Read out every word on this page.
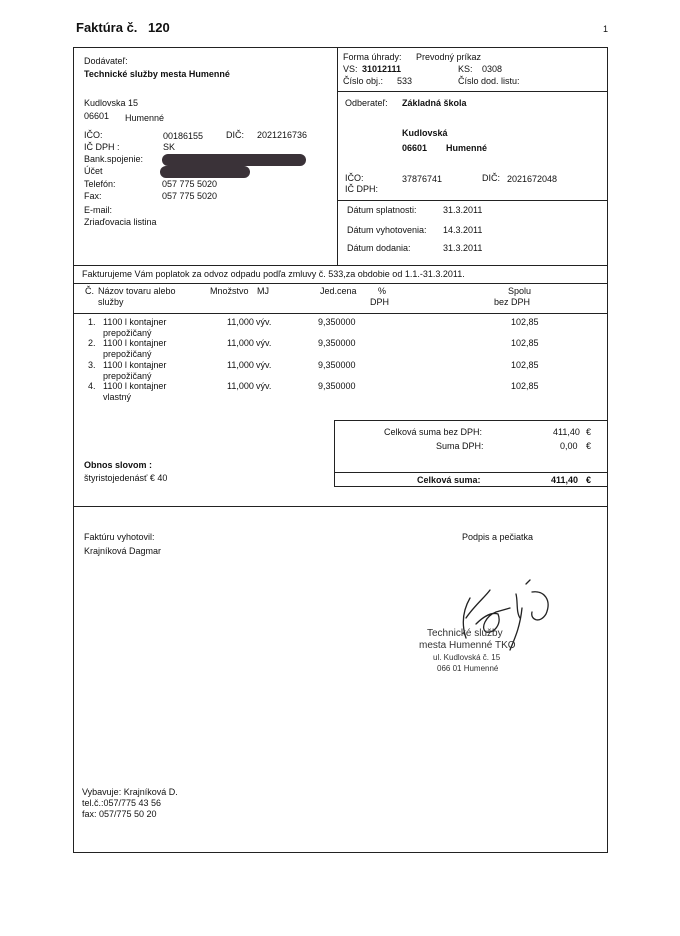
Faktúra č. 120	1
Dodávateľ:
Technické služby mesta Humenné
Kudlovska 15
06601 Humenné
IČO:	00186155	DIČ: 2021216736
IČ DPH :	SK
Bank.spojenie:
Účet
Telefón:	057 775 5020
Fax:	057 775 5020
E-mail:
Zriaďovacia listina
Forma úhrady: Prevodný príkaz
VS: 31012111	KS: 0308
Číslo obj.: 533	Číslo dod. listu:
Odberateľ: Základná škola
Kudlovská
06601 Humenné
IČO:	37876741	DIČ: 2021672048
IČ DPH:
Dátum splatnosti:	31.3.2011
Dátum vyhotovenia: 14.3.2011
Dátum dodania:	31.3.2011
Fakturujeme Vám poplatok za odvoz odpadu podľa zmluvy č. 533,za obdobie od 1.1.-31.3.2011.
Č. Názov tovaru alebo
služby
Množstvo MJ	Jed.cena %
DPH
Spolu
bez DPH
1. 1100 l kontajner
prepožičaný
11,000 výv.	9,350000	102,85
2. 1100 l kontajner
prepožičaný
11,000 výv.	9,350000	102,85
3. 1100 l kontajner
prepožičaný
11,000 výv.	9,350000	102,85
4. 1100 l kontajner
vlastný
11,000 výv.	9,350000	102,85
Celková suma bez DPH:	411,40 €
Suma DPH:	0,00 €
Celková suma:	411,40 €
Obnos slovom :
štyristojedenásť € 40
Faktúru vyhotovil:
Krajníková Dagmar
Podpis a pečiatka
Technické služby
mesta Humenné TKO
ul. Kudlovská č. 15
066 01 Humenné
Vybavuje: Krajníková D.
tel.č.:057/775 43 56
fax: 057/775 50 20
